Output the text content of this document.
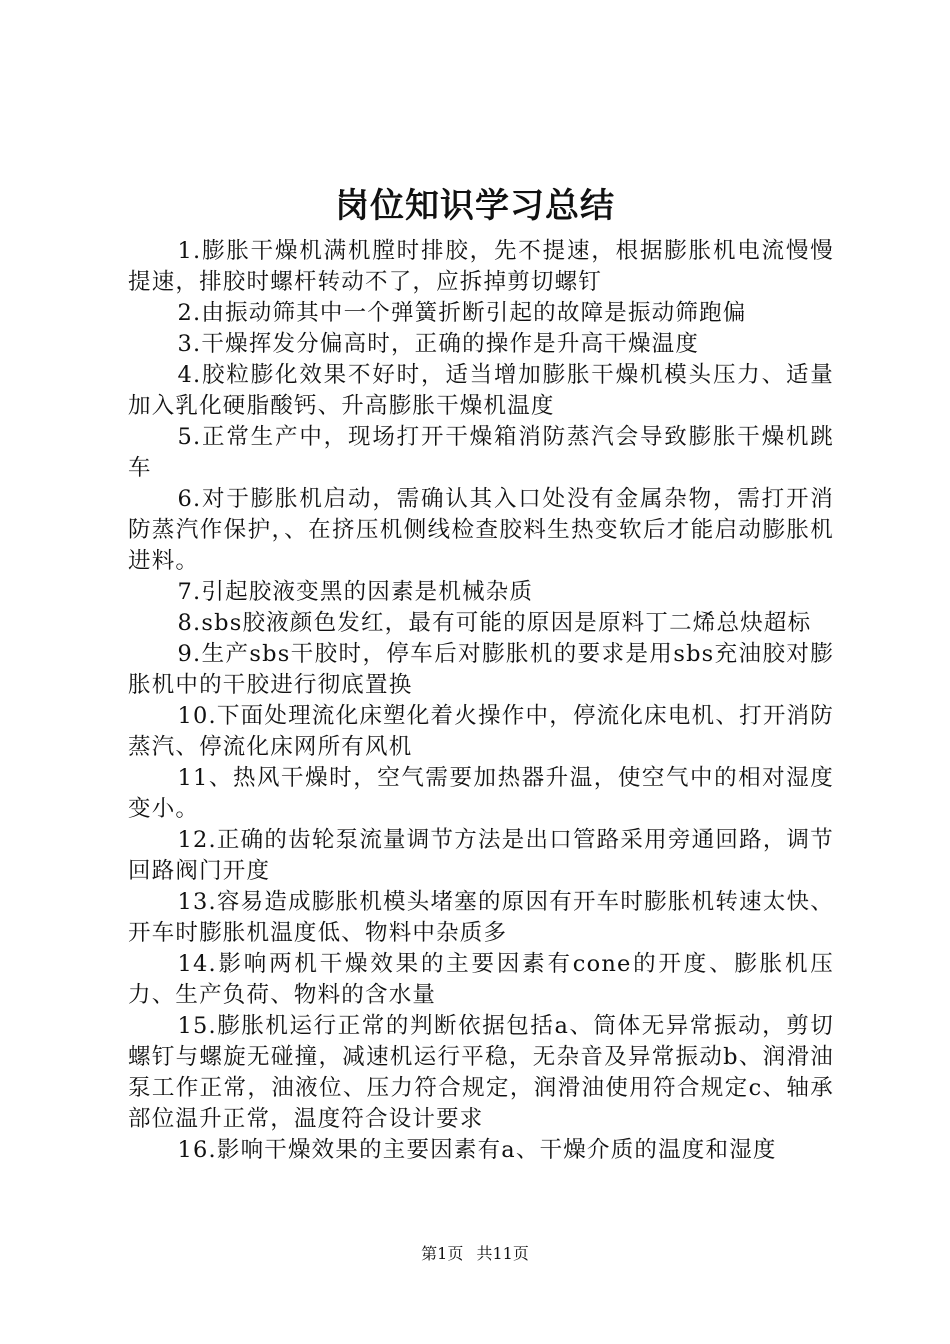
岗位知识学习总结

1.膨胀干燥机满机膛时排胶，先不提速，根据膨胀机电流慢慢提速，排胶时螺杆转动不了，应拆掉剪切螺钉

2.由振动筛其中一个弹簧折断引起的故障是振动筛跑偏

3.干燥挥发分偏高时，正确的操作是升高干燥温度

4.胶粒膨化效果不好时，适当增加膨胀干燥机模头压力、适量加入乳化硬脂酸钙、升高膨胀干燥机温度

5.正常生产中，现场打开干燥箱消防蒸汽会导致膨胀干燥机跳车

6.对于膨胀机启动，需确认其入口处没有金属杂物，需打开消防蒸汽作保护，、在挤压机侧线检查胶料生热变软后才能启动膨胀机进料。

7.引起胶液变黑的因素是机械杂质

8.sbs胶液颜色发红，最有可能的原因是原料丁二烯总炔超标

9.生产sbs干胶时，停车后对膨胀机的要求是用sbs充油胶对膨胀机中的干胶进行彻底置换

10.下面处理流化床塑化着火操作中，停流化床电机、打开消防蒸汽、停流化床网所有风机

11、热风干燥时，空气需要加热器升温，使空气中的相对湿度变小。

12.正确的齿轮泵流量调节方法是出口管路采用旁通回路，调节回路阀门开度

13.容易造成膨胀机模头堵塞的原因有开车时膨胀机转速太快、开车时膨胀机温度低、物料中杂质多

14.影响两机干燥效果的主要因素有cone的开度、膨胀机压力、生产负荷、物料的含水量

15.膨胀机运行正常的判断依据包括a、筒体无异常振动，剪切螺钉与螺旋无碰撞，减速机运行平稳，无杂音及异常振动b、润滑油泵工作正常，油液位、压力符合规定，润滑油使用符合规定c、轴承部位温升正常，温度符合设计要求

16.影响干燥效果的主要因素有a、干燥介质的温度和湿度

第1页 共11页
